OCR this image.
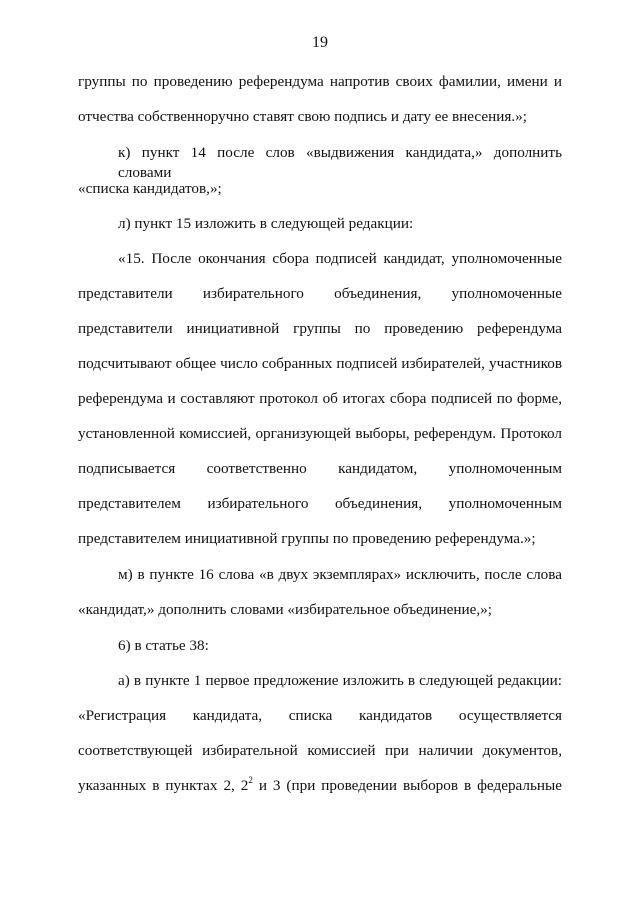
19

группы по проведению референдума напротив своих фамилии, имени и

отчества собственноручно ставят свою подпись и дату ее внесения.»;

к) пункт 14 после слов «выдвижения кандидата,» дополнить словами

«списка кандидатов,»;

л) пункт 15 изложить в следующей редакции:

«15. После окончания сбора подписей кандидат, уполномоченные

представители избирательного объединения, уполномоченные

представители инициативной группы по проведению референдума

подсчитывают общее число собранных подписей избирателей, участников

референдума и составляют протокол об итогах сбора подписей по форме,

установленной комиссией, организующей выборы, референдум. Протокол

подписывается соответственно кандидатом, уполномоченным

представителем избирательного объединения, уполномоченным

представителем инициативной группы по проведению референдума.»;

м) в пункте 16 слова «в двух экземплярах» исключить, после слова

«кандидат,» дополнить словами «избирательное объединение,»;

6) в статье 38:

а) в пункте 1 первое предложение изложить в следующей редакции:

«Регистрация кандидата, списка кандидатов осуществляется

соответствующей избирательной комиссией при наличии документов,

указанных в пунктах 2, $2^2$ и 3 (при проведении выборов в федеральные
